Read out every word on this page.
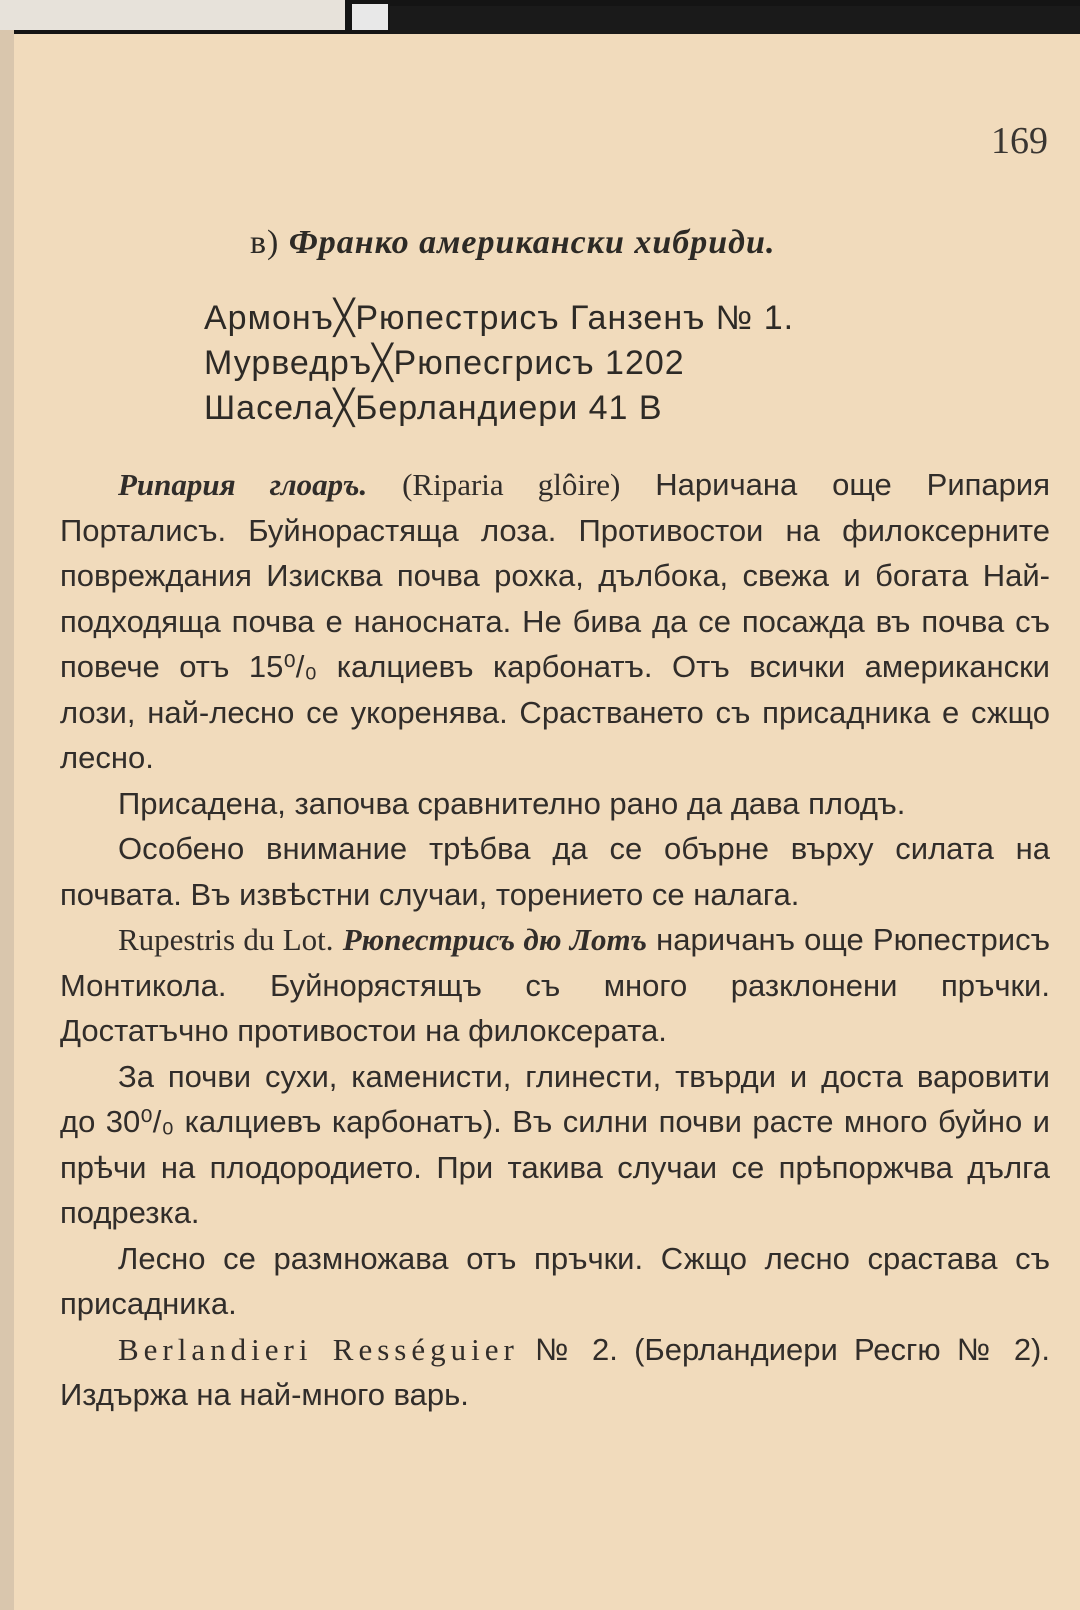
169
в) Франко американски хибриди.
Армонъ╳Рюпестрисъ Ганзенъ № 1.
Мурведръ╳Рюпесгрисъ 1202
Шасела╳Берландиери 41 В

Рипария глоаръ. (Riparia glôire) Наричана още Рипария Порталисъ. Буйнорастяща лоза. Противостои на филоксерните повреждания Изисква почва рохка, дълбока, свежа и богата Най-подходяща почва е наносната. Не бива да се посажда въ почва съ повече отъ 15⁰/₀ калциевъ карбонатъ. Отъ всички американски лози, най-лесно се укоренява. Срастването съ присадника е сжщо лесно.

Присадена, започва сравнително рано да дава плодъ.

Особено внимание трѣбва да се обърне върху силата на почвата. Въ извѣстни случаи, торението се налага.

Rupestris du Lot. Рюпестрисъ дю Лотъ наричанъ още Рюпестрисъ Монтикола. Буйнорястящъ съ много разклонени пръчки. Достатъчно противостои на филоксерата.

За почви сухи, каменисти, глинести, твърди и доста варовити до 30⁰/₀ калциевъ карбонатъ). Въ силни почви расте много буйно и прѣчи на плодородието. При такива случаи се прѣпоржчва дълга подрезка.

Лесно се размножава отъ пръчки. Сжщо лесно срастава съ присадника.

Berlandieri Rességuier № 2. (Берландиери Ресгю № 2). Издържа на най-много варь.
